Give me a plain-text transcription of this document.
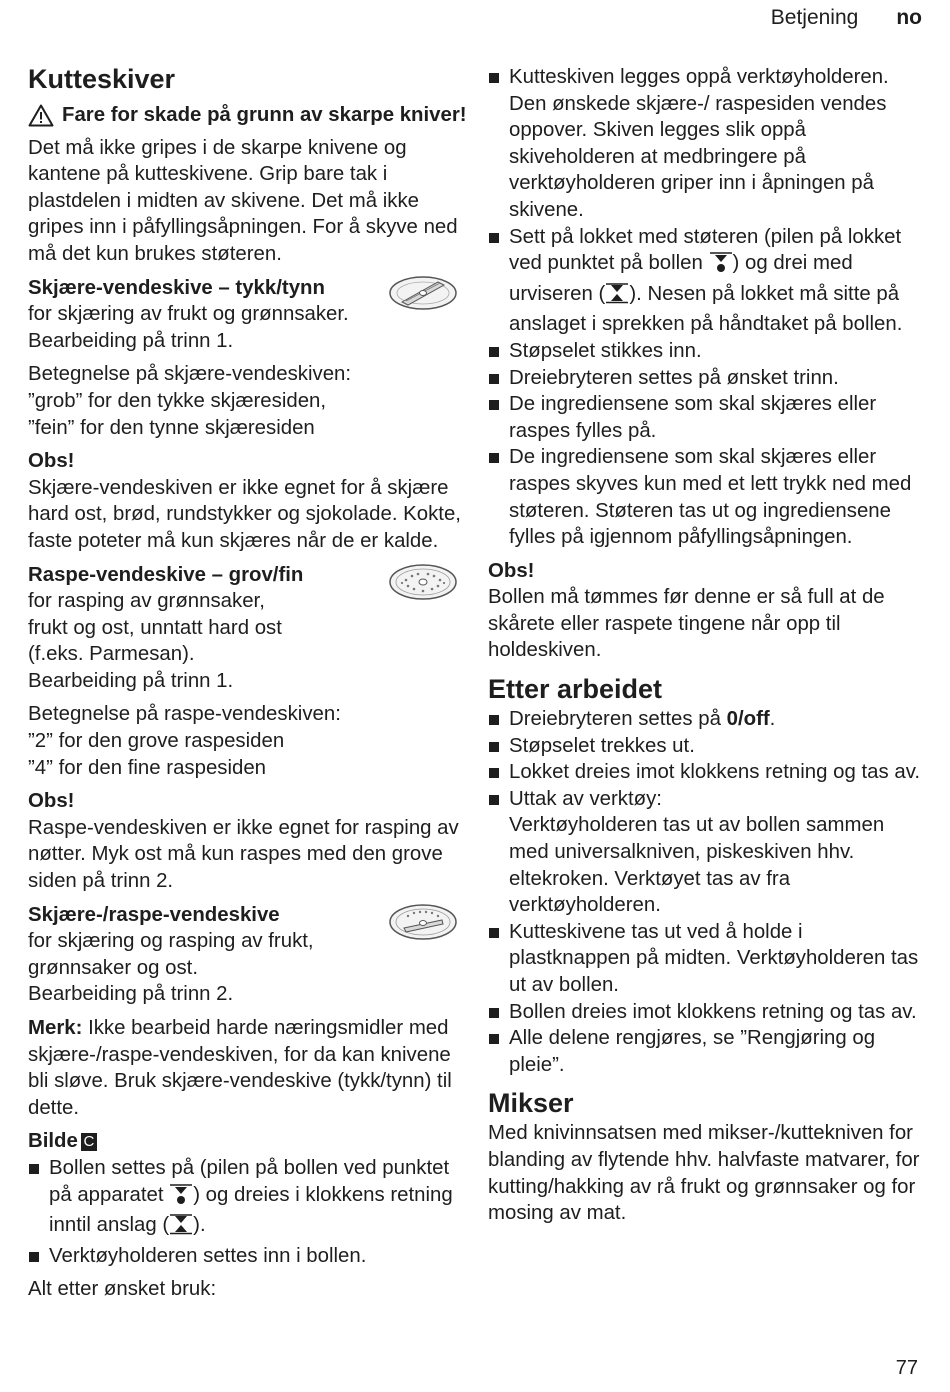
Betjening no
Kutteskiver
Fare for skade på grunn av skarpe kniver!

Det må ikke gripes i de skarpe knivene og kantene på kutteskivene. Grip bare tak i plastdelen i midten av skivene. Det må ikke gripes inn i påfyllingsåpningen. For å skyve ned må det kun brukes støteren.

Skjære-vendeskive – tykk/tynn
for skjæring av frukt og grønnsaker.
Bearbeiding på trinn 1.

Betegnelse på skjære-vendeskiven:
”grob” for den tykke skjæresiden,
”fein” for den tynne skjæresiden

Obs!
Skjære-vendeskiven er ikke egnet for å skjære hard ost, brød, rundstykker og sjokolade. Kokte, faste poteter må kun skjæres når de er kalde.

Raspe-vendeskive – grov/fin
for rasping av grønnsaker,
frukt og ost, unntatt hard ost
(f.eks. Parmesan).
Bearbeiding på trinn 1.

Betegnelse på raspe-vendeskiven:
”2” for den grove raspesiden
”4” for den fine raspesiden

Obs!
Raspe-vendeskiven er ikke egnet for rasping av nøtter. Myk ost må kun raspes med den grove siden på trinn 2.

Skjære-/raspe-vendeskive
for skjæring og rasping av frukt,
grønnsaker og ost.
Bearbeiding på trinn 2.

Merk: Ikke bearbeid harde næringsmidler med skjære-/raspe-vendeskiven, for da kan knivene bli sløve. Bruk skjære-vendeskive (tykk/tynn) til dette.

Bilde C

Bollen settes på (pilen på bollen ved punktet på apparatet ) og dreies i klokkens retning inntil anslag ( ).
Verktøyholderen settes inn i bollen.

Alt etter ønsket bruk:

Kutteskiven legges oppå verktøyholderen. Den ønskede skjære-/ raspesiden vendes oppover. Skiven legges slik oppå skiveholderen at medbringere på verktøyholderen griper inn i åpningen på skivene.
Sett på lokket med støteren (pilen på lokket ved punktet på bollen ) og drei med urviseren ( ). Nesen på lokket må sitte på anslaget i sprekken på håndtaket på bollen.
Støpselet stikkes inn.
Dreiebryteren settes på ønsket trinn.
De ingrediensene som skal skjæres eller raspes fylles på.
De ingrediensene som skal skjæres eller raspes skyves kun med et lett trykk ned med støteren. Støteren tas ut og ingrediensene fylles på igjennom påfyllingsåpningen.

Obs!
Bollen må tømmes før denne er så full at de skårete eller raspete tingene når opp til holdeskiven.

Etter arbeidet
Dreiebryteren settes på 0/off.
Støpselet trekkes ut.
Lokket dreies imot klokkens retning og tas av.
Uttak av verktøy:
Verktøyholderen tas ut av bollen sammen med universalkniven, piskeskiven hhv. eltekroken. Verktøyet tas av fra verktøyholderen.
Kutteskivene tas ut ved å holde i plastknappen på midten. Verktøyholderen tas ut av bollen.
Bollen dreies imot klokkens retning og tas av.
Alle delene rengjøres, se ”Rengjøring og pleie”.
Mikser

Med knivinnsatsen med mikser-/kuttekniven for blanding av flytende hhv. halvfaste matvarer, for kutting/hakking av rå frukt og grønnsaker og for mosing av mat.

77
